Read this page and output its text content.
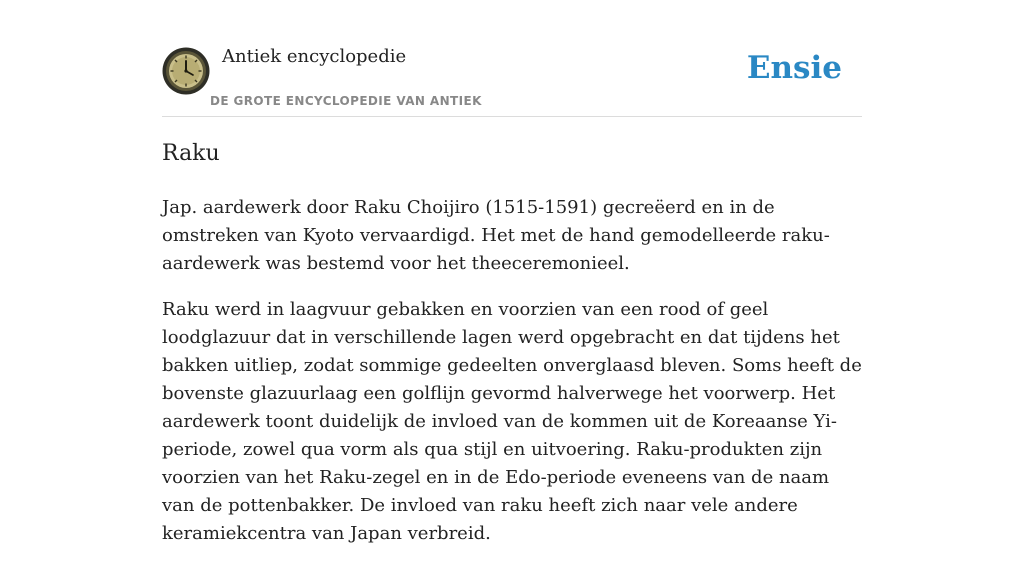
Antiek encyclopedie
DE GROTE ENCYCLOPEDIE VAN ANTIEK
Ensie
Raku

Jap. aardewerk door Raku Choijiro (1515-1591) gecreëerd en in de omstreken van Kyoto vervaardigd. Het met de hand gemodelleerde raku-aardewerk was bestemd voor het theeceremonieel.

Raku werd in laagvuur gebakken en voorzien van een rood of geel loodglazuur dat in verschillende lagen werd opgebracht en dat tijdens het bakken uitliep, zodat sommige gedeelten onverglaasd bleven. Soms heeft de bovenste glazuurlaag een golflijn gevormd halverwege het voorwerp. Het aardewerk toont duidelijk de invloed van de kommen uit de Koreaanse Yi-periode, zowel qua vorm als qua stijl en uitvoering. Raku-produkten zijn voorzien van het Raku-zegel en in de Edo-periode eveneens van de naam van de pottenbakker. De invloed van raku heeft zich naar vele andere keramiekcentra van Japan verbreid.
